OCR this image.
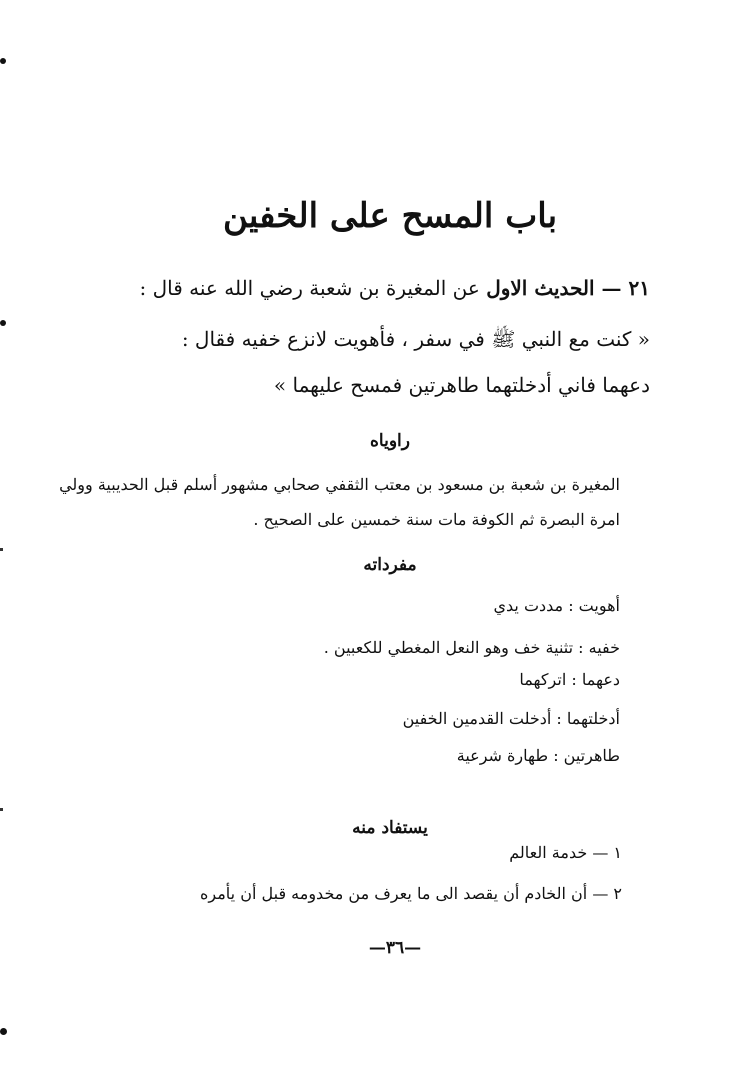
باب المسح على الخفين
٢١ — الحديث الاول عن المغيرة بن شعبة رضي الله عنه قال :
« كنت مع النبي ﷺ في سفر ، فأهويت لانزع خفيه فقال :
دعهما فاني أدخلتهما طاهرتين فمسح عليهما »
راوياه
المغيرة بن شعبة بن مسعود بن معتب الثقفي صحابي مشهور أسلم قبل الحديبية وولي
امرة البصرة ثم الكوفة مات سنة خمسين على الصحيح .
مفرداته
أهويت : مددت يدي
خفيه : تثنية خف وهو النعل المغطي للكعبين .
دعهما : اتركهما
أدخلتهما : أدخلت القدمين الخفين
طاهرتين : طهارة شرعية
يستفاد منه
١ — خدمة العالم
٢ — أن الخادم أن يقصد الى ما يعرف من مخدومه قبل أن يأمره
—٣٦—
